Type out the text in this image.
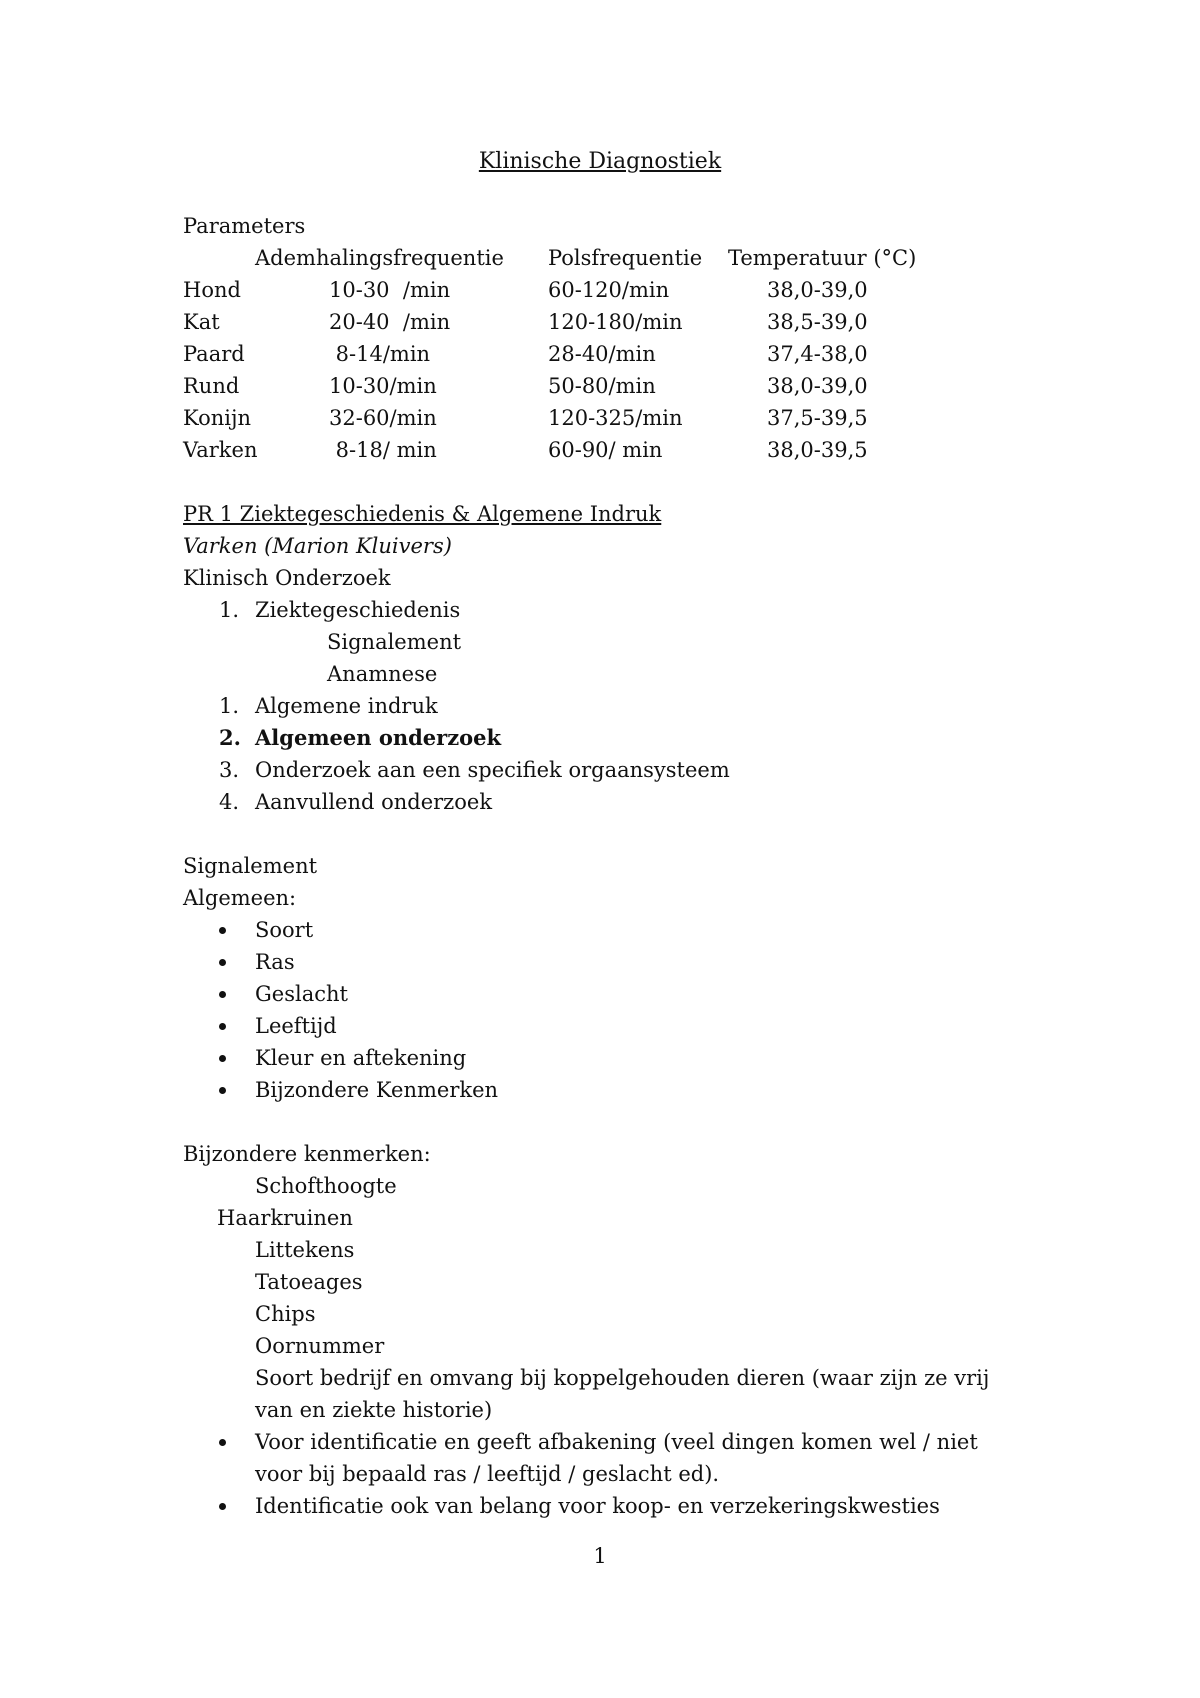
Klinische Diagnostiek
Parameters
Ademhalingsfrequentie Polsfrequentie Temperatuur (°C)
Hond	10-30  /min	60-120/min	38,0-39,0
Kat	20-40  /min	120-180/min	38,5-39,0
Paard	8-14/min	28-40/min	37,4-38,0
Rund	10-30/min	50-80/min	38,0-39,0
Konijn	32-60/min	120-325/min	37,5-39,5
Varken	8-18/ min	60-90/ min	38,0-39,5
PR 1 Ziektegeschiedenis & Algemene Indruk
Varken (Marion Kluivers)
Klinisch Onderzoek
1. Ziektegeschiedenis
Signalement
Anamnese
1. Algemene indruk
2. Algemeen onderzoek
3. Onderzoek aan een specifiek orgaansysteem
4. Aanvullend onderzoek
Signalement
Algemeen:
Soort
Ras
Geslacht
Leeftijd
Kleur en aftekening
Bijzondere Kenmerken
Bijzondere kenmerken:
Schofthoogte
Haarkruinen
Littekens
Tatoeages
Chips
Oornummer
Soort bedrijf en omvang bij koppelgehouden dieren (waar zijn ze vrij van en ziekte historie)
Voor identificatie en geeft afbakening (veel dingen komen wel / niet voor bij bepaald ras / leeftijd / geslacht ed).
Identificatie ook van belang voor koop- en verzekeringskwesties
1
